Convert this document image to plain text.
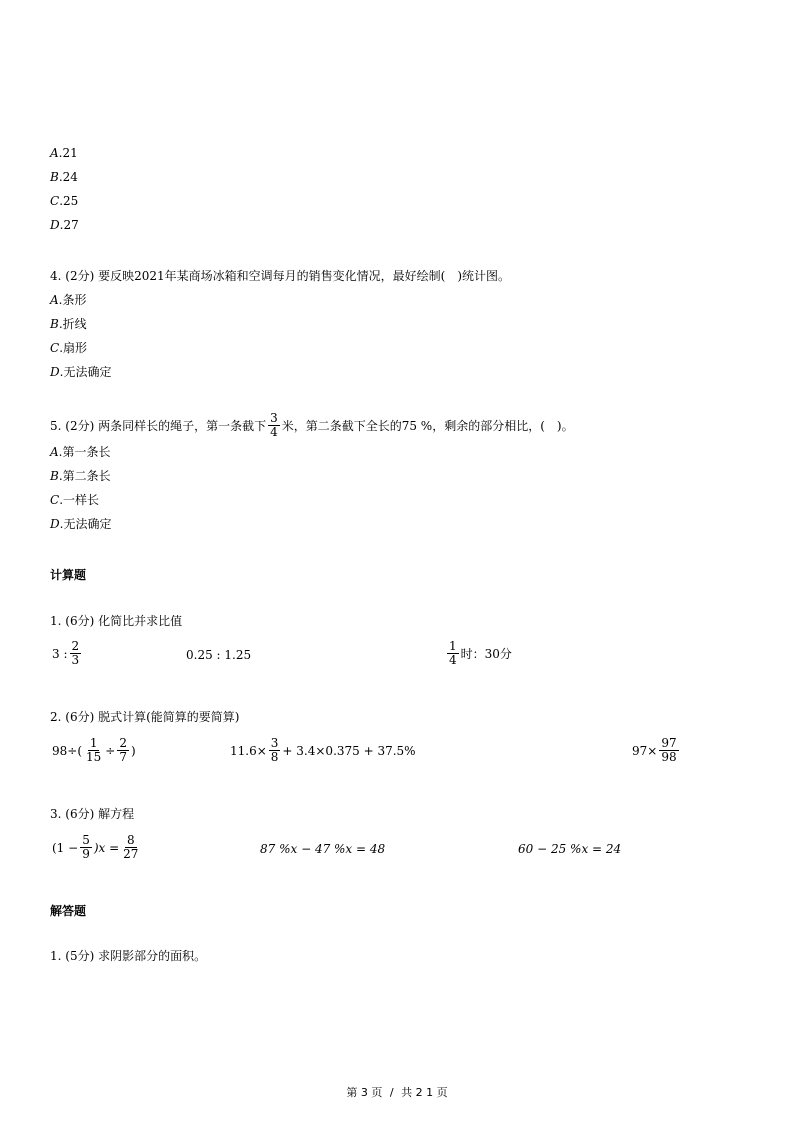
A.21
B.24
C.25
D.27
4. (2分) 要反映2021年某商场冰箱和空调每月的销售变化情况，最好绘制( )统计图。
A.条形
B.折线
C.扇形
D.无法确定
5. (2分) 两条同样长的绳子，第一条截下 $\frac{3}{4}$ 米，第二条截下全长的75 %，剩余的部分相比，( )。
A.第一条长
B.第二条长
C.一样长
D.无法确定
计算题
1. (6分) 化简比并求比值
3 : $\frac{2}{3}$	0.25 : 1.25	$\frac{1}{4}$ 时：30分
2. (6分) 脱式计算(能简算的要简算)
$98\div( \frac{1}{15} \div \frac{2}{7}$ )	$11.6\times \frac{3}{8} + 3.4\times 0.375 + 37.5\%$	$97\times \frac{97}{98}$
3. (6分) 解方程
$(1 - \frac{5}{9} )x = \frac{8}{27}$	87 %x − 47 %x = 48	60 − 25 %x = 24
解答题
1. (5分) 求阴影部分的面积。
第 3 页 / 共 2 1 页
